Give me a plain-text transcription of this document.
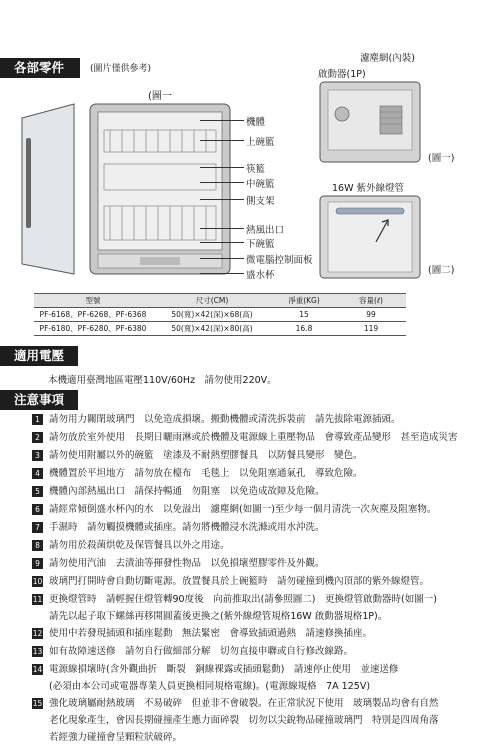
各部零件	(圖片僅供參考)
(圖一
機體
上碗籃
筷籃
中碗籃
側支架
熱風出口
下碗籃
微電腦控制面板
盛水杯
濾塵網(內裝)
啟動器(1P)
(圖一)
16W 紫外線燈管
(圖二)
型號	尺寸(CM)	淨重(KG)	容量(ℓ)
PF-6168、PF-6268、PF-6368	50(寬)×42(深)×68(高)	15	99
PF-6180、PF-6280、PF-6380	50(寬)×42(深)×80(高)	16.8	119
適用電壓
本機適用臺灣地區電壓110V/60Hz　請勿使用220V。
注意事項
1 請勿用力關閉玻璃門　以免造成損壞。搬動機體或清洗拆裝前　請先拔除電源插頭。
2 請勿放於室外使用　長期日曬雨淋或於機體及電源線上重壓物品　會導致產品變形　甚至造成災害
3 請勿使用附屬以外的碗籃　塗漆及不耐熱塑膠餐具　以防餐具變形　變色。
4 機體置於平坦地方　請勿放在檯布　毛毯上　以免阻塞通氣孔　導致危險。
5 機體內部熱風出口　請保持暢通　勿阻塞　以免造成故障及危險。
6 請經常傾倒盛水杯內的水　以免溢出　濾塵網(如圖一)至少每一個月清洗一次灰塵及阻塞物。
7 手濕時　請勿觸摸機體或插座。請勿將機體浸水洗滌或用水沖洗。
8 請勿用於殺菌烘乾及保管餐具以外之用途。
9 請勿使用汽油　去漬油等揮發性物品　以免損壞塑膠零件及外觀。
10 玻璃門打開時會自動切斷電源。放置餐具於上碗籃時　請勿碰撞到機內頂部的紫外線燈管。
11 更換燈管時　請輕握住燈管轉90度後　向前推取出(請參照圖二)　更換燈管啟動器時(如圖一)
請先以起子取下螺絲再移開圓蓋後更換之(紫外線燈管規格16W 啟動器規格1P)。
12 使用中若發現插頭和插座鬆動　無法緊密　會導致插頭過熱　請速修換插座。
13 如有故障速送修　請勿自行做細部分解　切勿直接申聯或自行修改線路。
14 電源線損壞時(含外觀曲折　斷裂　銅線裸露或插頭鬆動)　請速停止使用　並速送修
(必須由本公司或電器專業人員更換相同規格電線)。(電源線規格　7A 125V)
15 強化玻璃屬耐熱玻璃　不易破碎　但並非不會破裂。在正常狀況下使用　玻璃製品均會有自然
老化現象產生，會因長期碰撞產生應力面碎裂　切勿以尖銳物品碰撞玻璃門　特別是四周角落
若經強力碰撞會呈顆粒狀破碎。
